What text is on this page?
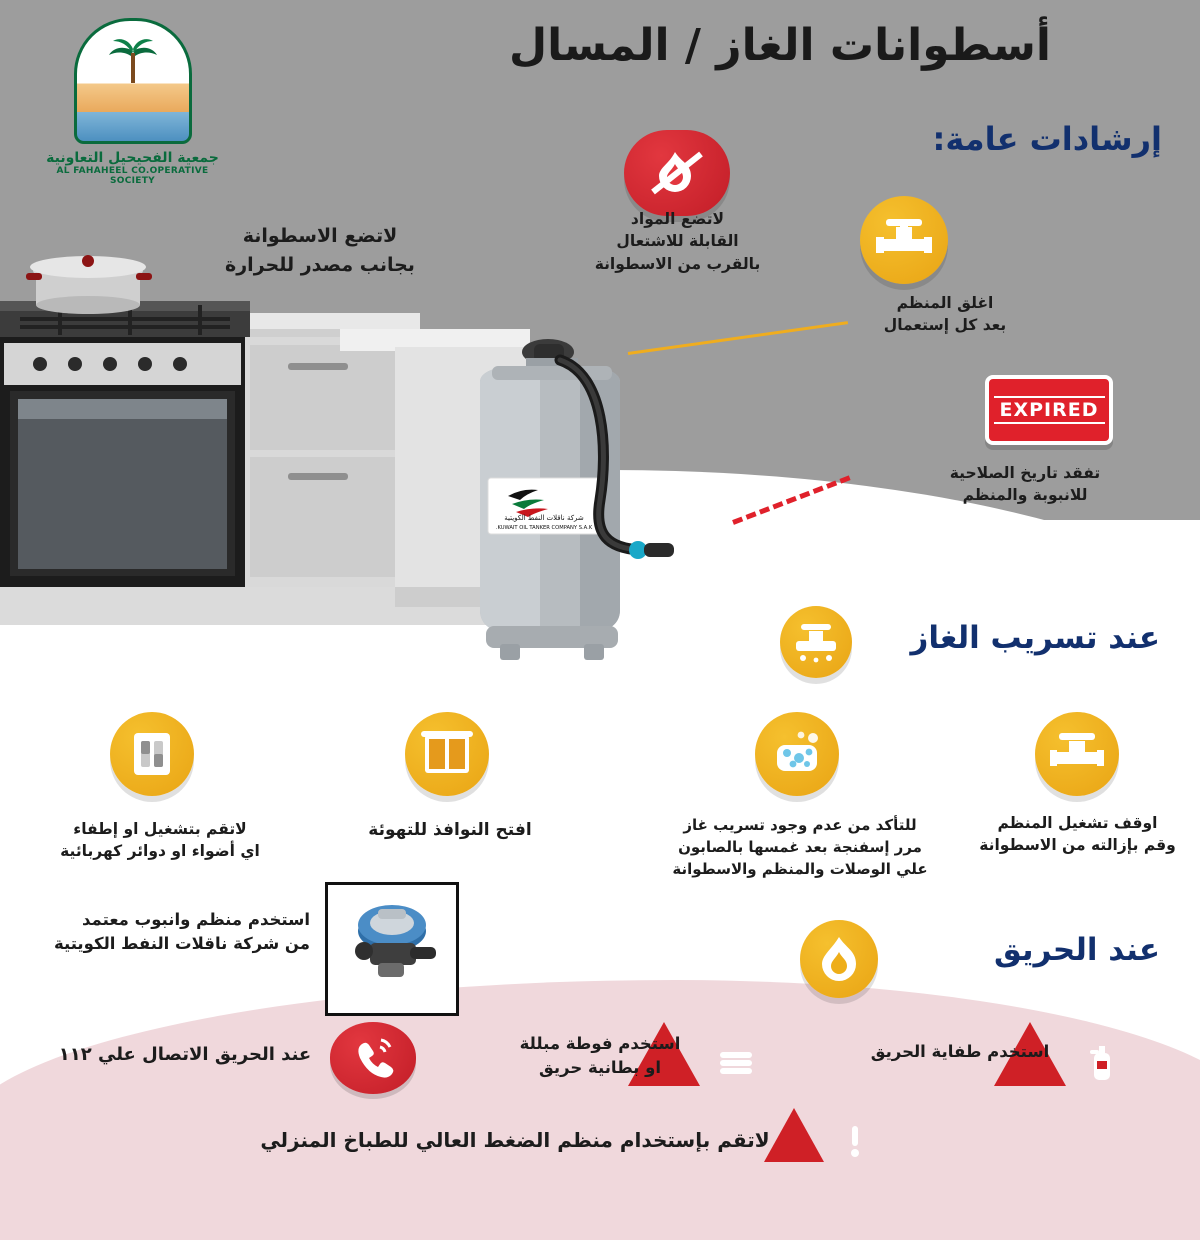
شركة ناقلات النفط الكويتية
KUWAIT OIL TANKER COMPANY S.A.K.
أسطوانات الغاز / المسال
جمعية الفحيحيل التعاونية
AL FAHAHEEL CO.OPERATIVE SOCIETY
إرشادات عامة:
لاتضع المواد
القابلة للاشتعال
بالقرب من الاسطوانة
لاتضع الاسطوانة
بجانب مصدر للحرارة
اغلق المنظم
بعد كل إستعمال
EXPIRED
تفقد تاريخ الصلاحية
للانبوبة والمنظم
عند تسريب الغاز
اوقف تشغيل المنظم
وقم بإزالته من الاسطوانة
للتأكد من عدم وجود تسريب غاز
مرر إسفنجة بعد غمسها بالصابون
علي الوصلات والمنظم والاسطوانة
افتح النوافذ للتهوئة
لاتقم بتشغيل او إطفاء
اي أضواء او دوائر كهربائية
استخدم منظم وانبوب معتمد
من شركة ناقلات النفط الكويتية	عند الحريق
استخدم طفاية الحريق
استخدم فوطة مبللة
او بطانية حريق
عند الحريق الاتصال علي ١١٢
لاتقم بإستخدام منظم الضغط العالي للطباخ المنزلي
